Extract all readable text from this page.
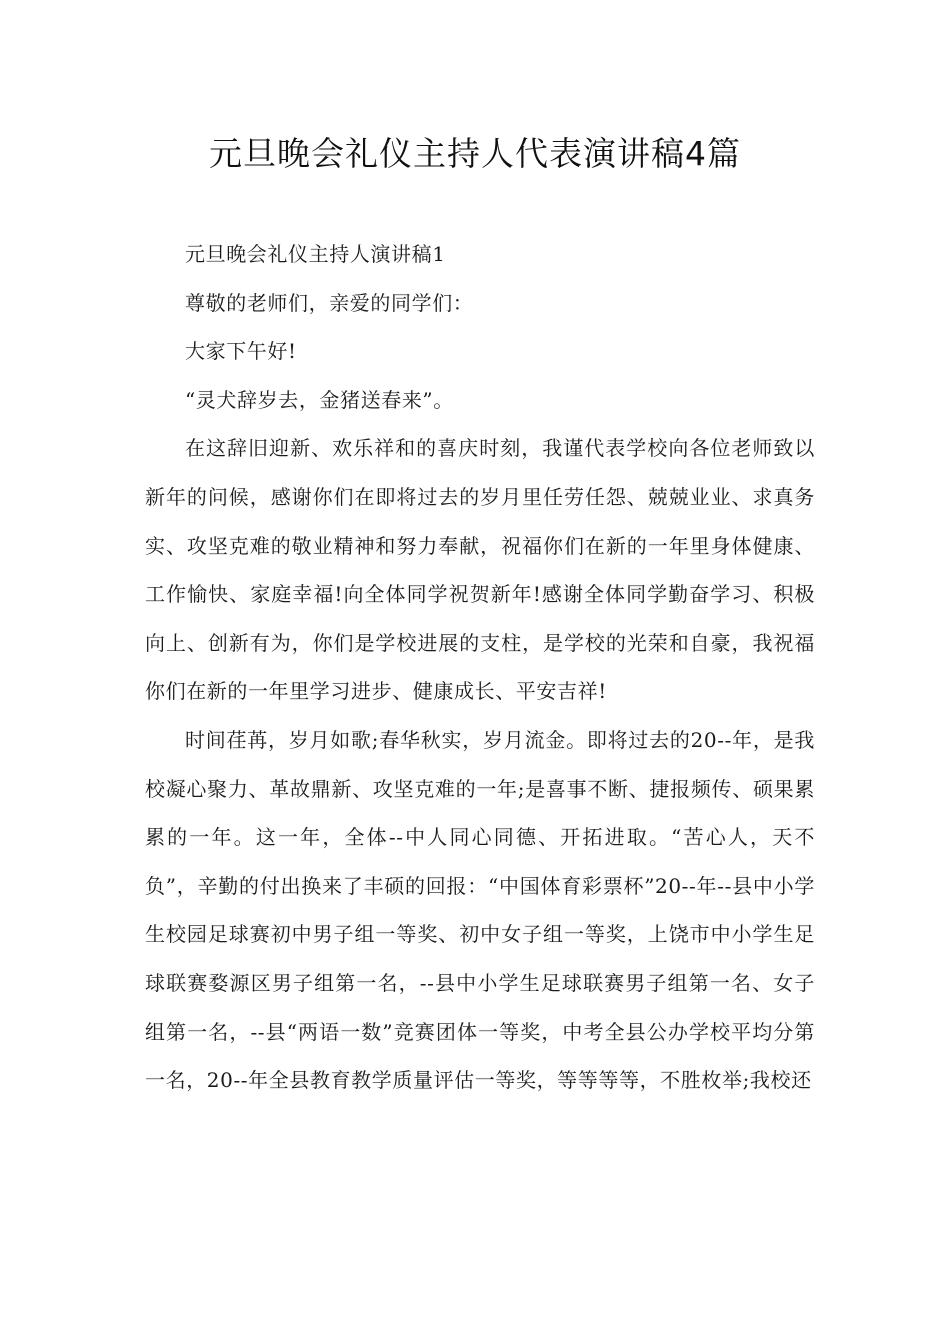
元旦晚会礼仪主持人代表演讲稿4篇

元旦晚会礼仪主持人演讲稿1

尊敬的老师们，亲爱的同学们：

大家下午好!

“灵犬辞岁去，金猪送春来”。

在这辞旧迎新、欢乐祥和的喜庆时刻，我谨代表学校向各位老师致以新年的问候，感谢你们在即将过去的岁月里任劳任怨、兢兢业业、求真务实、攻坚克难的敬业精神和努力奉献，祝福你们在新的一年里身体健康、工作愉快、家庭幸福!向全体同学祝贺新年!感谢全体同学勤奋学习、积极向上、创新有为，你们是学校进展的支柱，是学校的光荣和自豪，我祝福你们在新的一年里学习进步、健康成长、平安吉祥!

时间荏苒，岁月如歌;春华秋实，岁月流金。即将过去的20--年，是我校凝心聚力、革故鼎新、攻坚克难的一年;是喜事不断、捷报频传、硕果累累的一年。这一年，全体--中人同心同德、开拓进取。“苦心人，天不负”，辛勤的付出换来了丰硕的回报：“中国体育彩票杯”20--年--县中小学生校园足球赛初中男子组一等奖、初中女子组一等奖，上饶市中小学生足球联赛婺源区男子组第一名，--县中小学生足球联赛男子组第一名、女子组第一名，--县“两语一数”竞赛团体一等奖，中考全县公办学校平均分第一名，20--年全县教育教学质量评估一等奖，等等等等，不胜枚举;我校还
